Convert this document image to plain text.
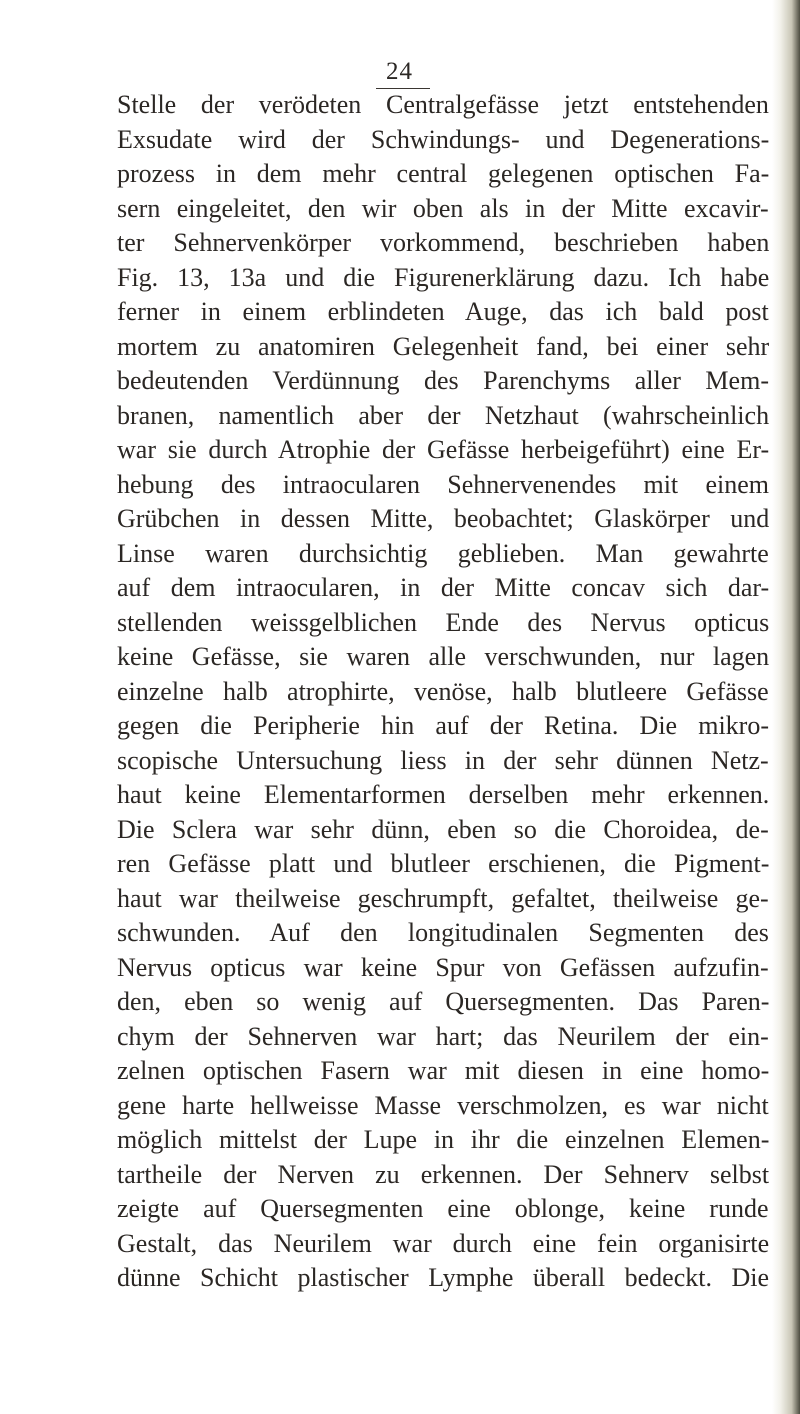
24
Stelle der verödeten Centralgefässe jetzt entstehenden
Exsudate wird der Schwindungs- und Degenerations-
prozess in dem mehr central gelegenen optischen Fa-
sern eingeleitet, den wir oben als in der Mitte excavir-
ter Sehnervenkörper vorkommend, beschrieben haben
Fig. 13, 13a und die Figurenerklärung dazu. Ich habe
ferner in einem erblindeten Auge, das ich bald post
mortem zu anatomiren Gelegenheit fand, bei einer sehr
bedeutenden Verdünnung des Parenchyms aller Mem-
branen, namentlich aber der Netzhaut (wahrscheinlich
war sie durch Atrophie der Gefässe herbeigeführt) eine Er-
hebung des intraocularen Sehnervenendes mit einem
Grübchen in dessen Mitte, beobachtet; Glaskörper und
Linse waren durchsichtig geblieben. Man gewahrte
auf dem intraocularen, in der Mitte concav sich dar-
stellenden weissgelblichen Ende des Nervus opticus
keine Gefässe, sie waren alle verschwunden, nur lagen
einzelne halb atrophirte, venöse, halb blutleere Gefässe
gegen die Peripherie hin auf der Retina. Die mikro-
scopische Untersuchung liess in der sehr dünnen Netz-
haut keine Elementarformen derselben mehr erkennen.
Die Sclera war sehr dünn, eben so die Choroidea, de-
ren Gefässe platt und blutleer erschienen, die Pigment-
haut war theilweise geschrumpft, gefaltet, theilweise ge-
schwunden. Auf den longitudinalen Segmenten des
Nervus opticus war keine Spur von Gefässen aufzufin-
den, eben so wenig auf Quersegmenten. Das Paren-
chym der Sehnerven war hart; das Neurilem der ein-
zelnen optischen Fasern war mit diesen in eine homo-
gene harte hellweisse Masse verschmolzen, es war nicht
möglich mittelst der Lupe in ihr die einzelnen Elemen-
tartheile der Nerven zu erkennen. Der Sehnerv selbst
zeigte auf Quersegmenten eine oblonge, keine runde
Gestalt, das Neurilem war durch eine fein organisirte
dünne Schicht plastischer Lymphe überall bedeckt. Die
